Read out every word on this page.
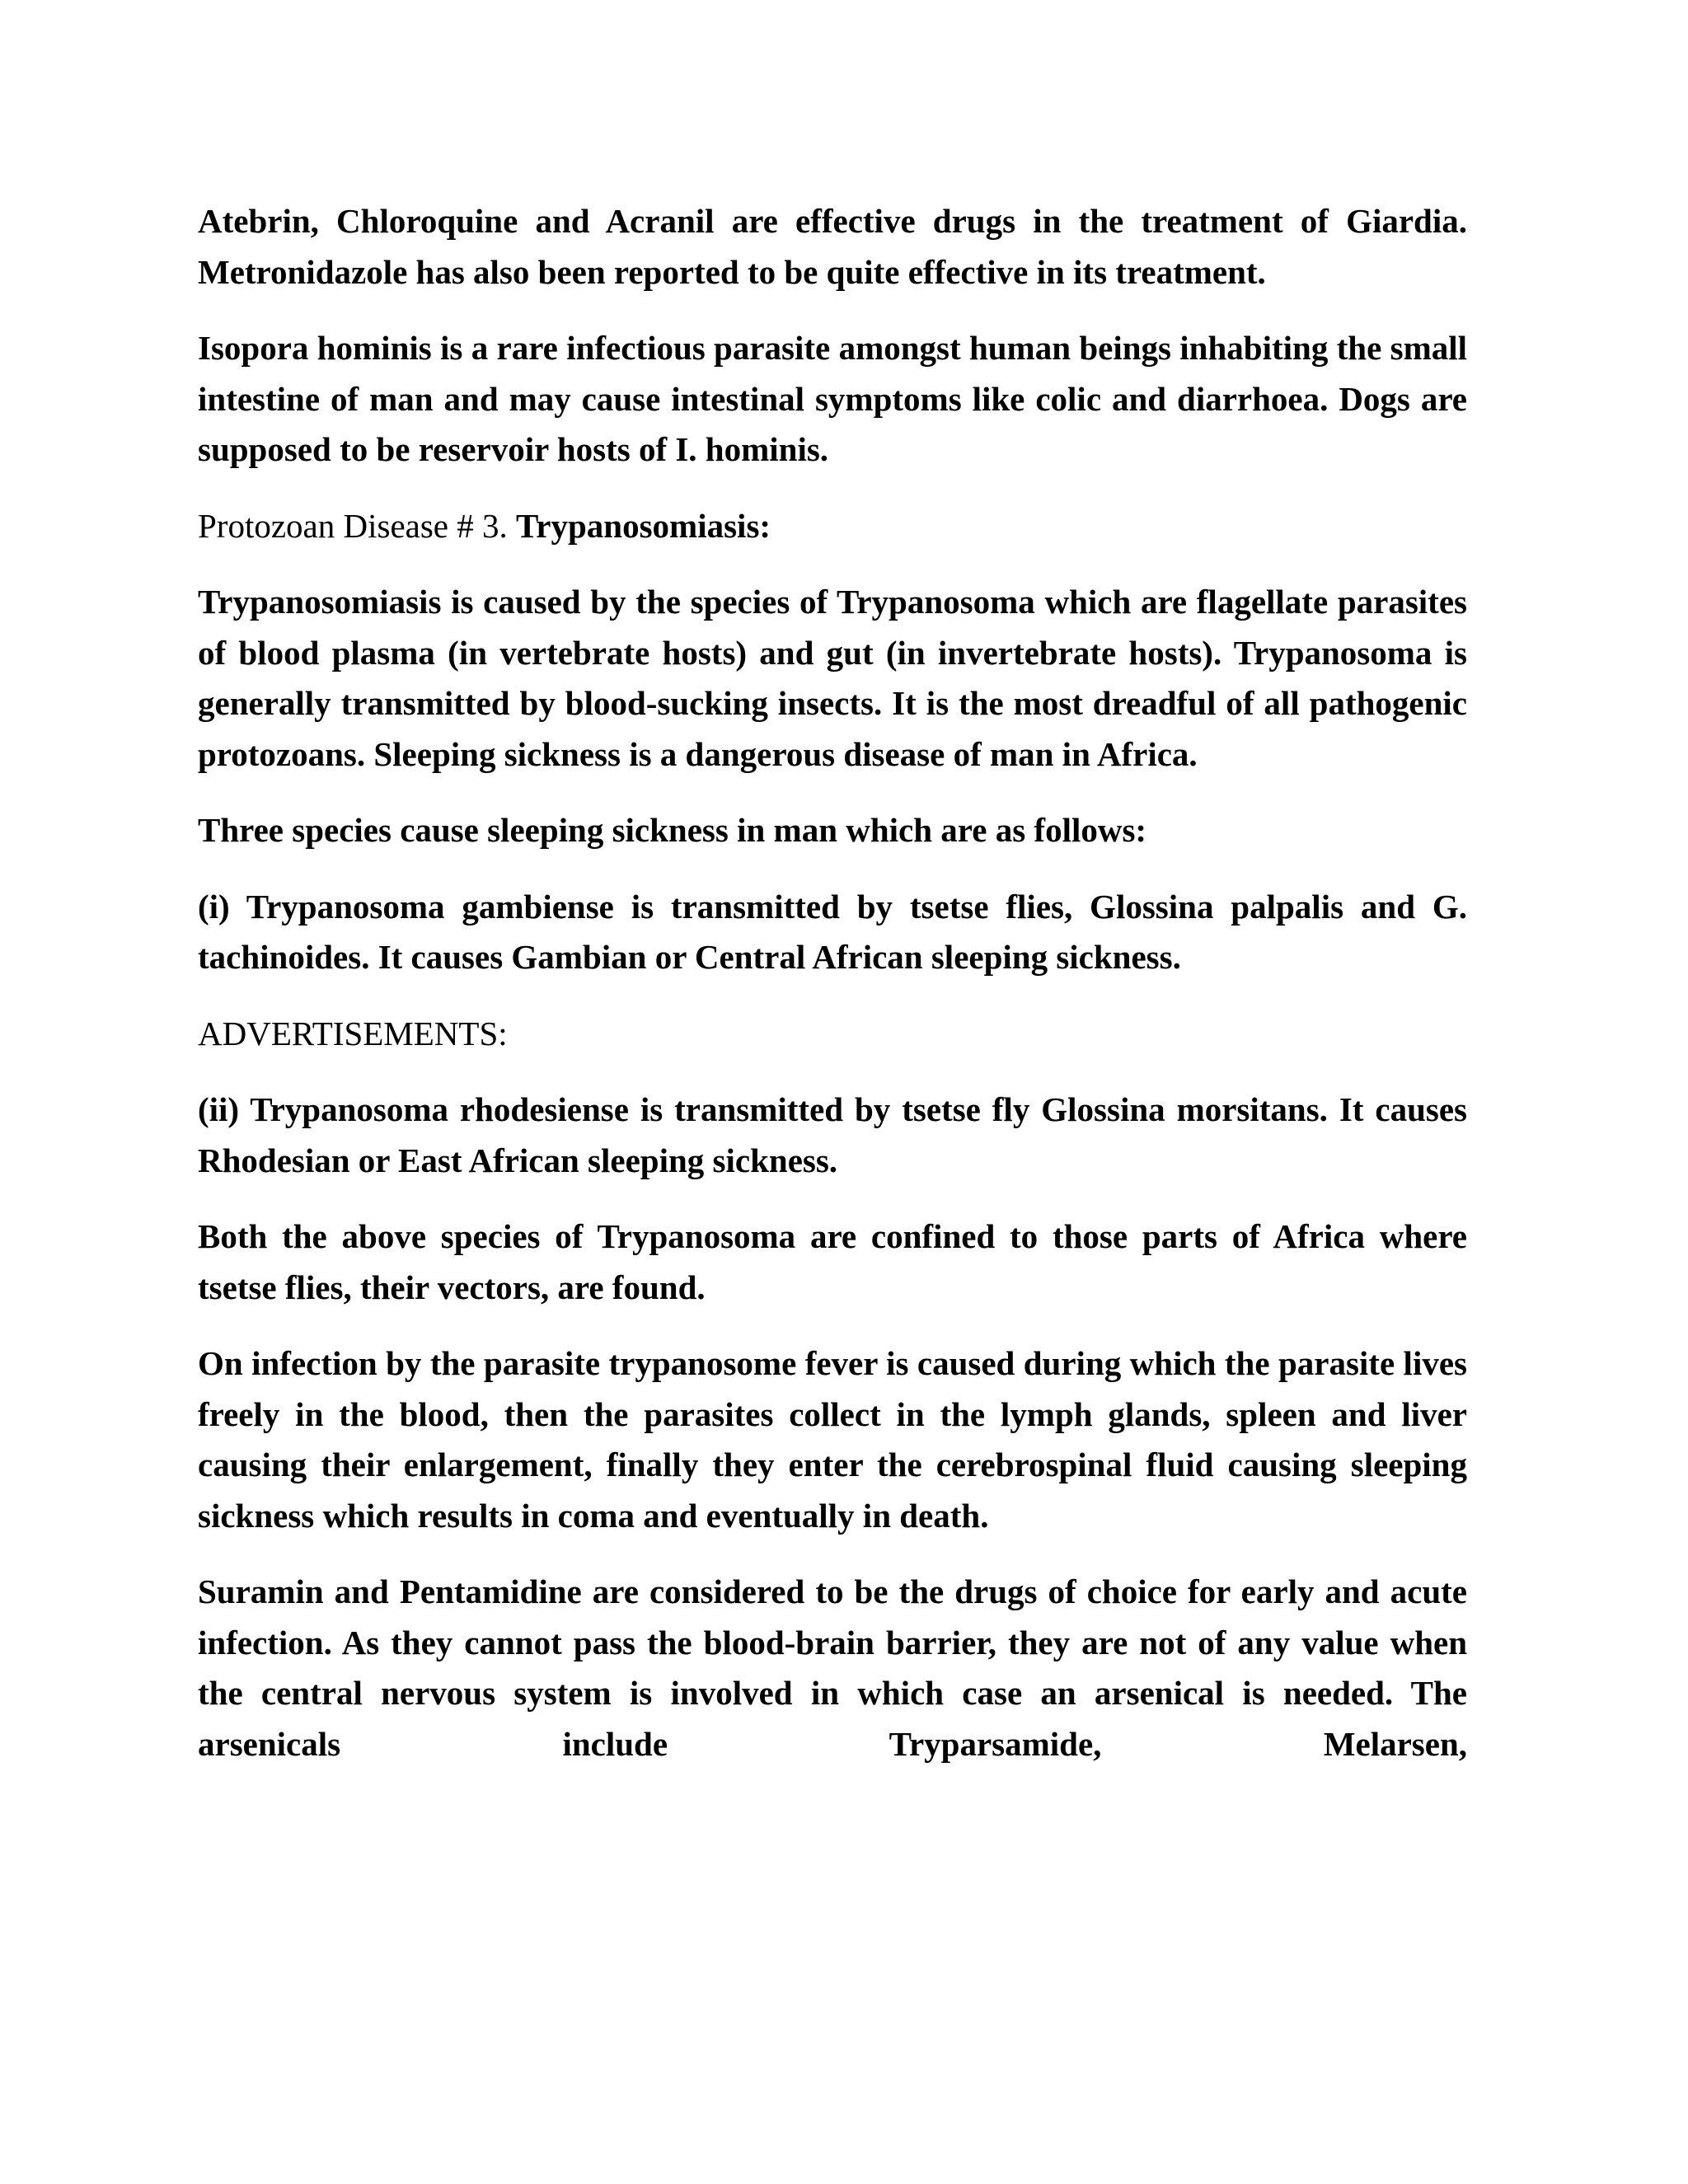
Atebrin, Chloroquine and Acranil are effective drugs in the treatment of Giardia. Metronidazole has also been reported to be quite effective in its treatment.

Isopora hominis is a rare infectious parasite amongst human beings inhabiting the small intestine of man and may cause intestinal symptoms like colic and diarrhoea. Dogs are supposed to be reservoir hosts of I. hominis.

Protozoan Disease # 3. Trypanosomiasis:

Trypanosomiasis is caused by the species of Trypanosoma which are flagellate parasites of blood plasma (in vertebrate hosts) and gut (in invertebrate hosts). Trypanosoma is generally transmitted by blood-sucking insects. It is the most dreadful of all pathogenic protozoans. Sleeping sickness is a dangerous disease of man in Africa.

Three species cause sleeping sickness in man which are as follows:

(i) Trypanosoma gambiense is transmitted by tsetse flies, Glossina palpalis and G. tachinoides. It causes Gambian or Central African sleeping sickness.

ADVERTISEMENTS:

(ii) Trypanosoma rhodesiense is transmitted by tsetse fly Glossina morsitans. It causes Rhodesian or East African sleeping sickness.

Both the above species of Trypanosoma are confined to those parts of Africa where tsetse flies, their vectors, are found.

On infection by the parasite trypanosome fever is caused during which the parasite lives freely in the blood, then the parasites collect in the lymph glands, spleen and liver causing their enlargement, finally they enter the cerebrospinal fluid causing sleeping sickness which results in coma and eventually in death.

Suramin and Pentamidine are considered to be the drugs of choice for early and acute infection. As they cannot pass the blood-brain barrier, they are not of any value when the central nervous system is involved in which case an arsenical is needed. The arsenicals include Tryparsamide, Melarsen,
